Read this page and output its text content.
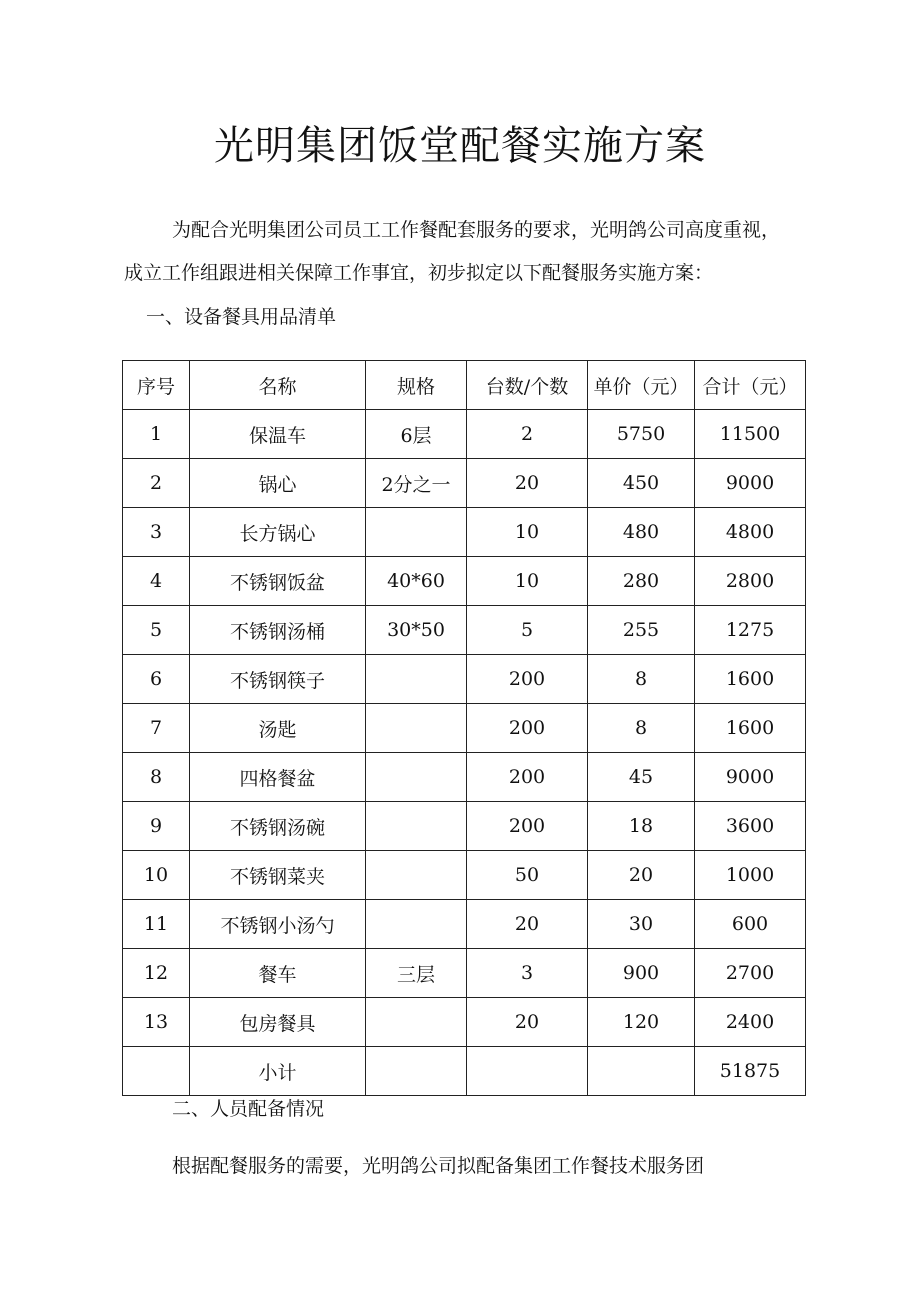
光明集团饭堂配餐实施方案

为配合光明集团公司员工工作餐配套服务的要求，光明鸽公司高度重视，

成立工作组跟进相关保障工作事宜，初步拟定以下配餐服务实施方案：

一、设备餐具用品清单

序号	名称	规格	台数/个数	单价（元）	合计（元）
1	保温车	6层	2	5750	11500
2	锅心	2分之一	20	450	9000
3	长方锅心		10	480	4800
4	不锈钢饭盆	40*60	10	280	2800
5	不锈钢汤桶	30*50	5	255	1275
6	不锈钢筷子		200	8	1600
7	汤匙		200	8	1600
8	四格餐盆		200	45	9000
9	不锈钢汤碗		200	18	3600
10	不锈钢菜夹		50	20	1000
11	不锈钢小汤勺		20	30	600
12	餐车	三层	3	900	2700
13	包房餐具		20	120	2400
	小计				51875

二、人员配备情况

根据配餐服务的需要，光明鸽公司拟配备集团工作餐技术服务团
